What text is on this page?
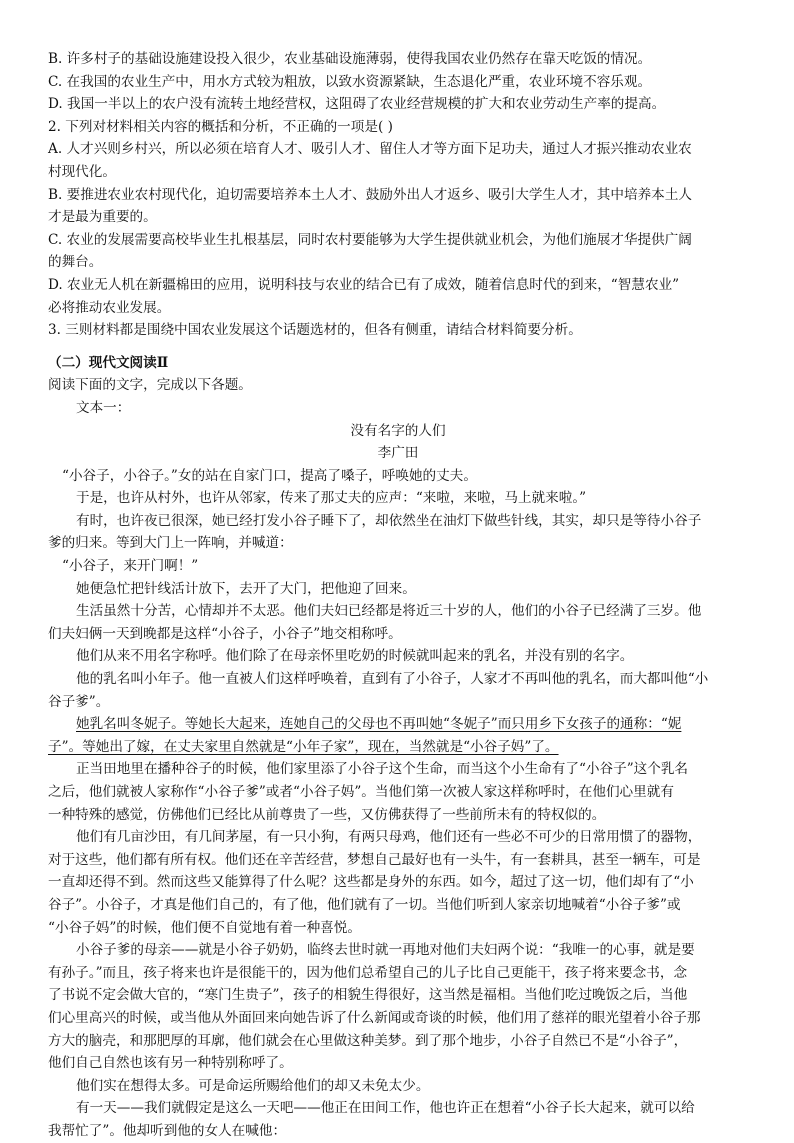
B. 许多村子的基础设施建设投入很少，农业基础设施薄弱，使得我国农业仍然存在靠天吃饭的情况。
C. 在我国的农业生产中，用水方式较为粗放，以致水资源紧缺，生态退化严重，农业环境不容乐观。
D. 我国一半以上的农户没有流转土地经营权，这阻碍了农业经营规模的扩大和农业劳动生产率的提高。
2. 下列对材料相关内容的概括和分析，不正确的一项是( )
A. 人才兴则乡村兴，所以必须在培育人才、吸引人才、留住人才等方面下足功夫，通过人才振兴推动农业农
村现代化。
B. 要推进农业农村现代化，迫切需要培养本土人才、鼓励外出人才返乡、吸引大学生人才，其中培养本土人
才是最为重要的。
C. 农业的发展需要高校毕业生扎根基层，同时农村要能够为大学生提供就业机会，为他们施展才华提供广阔
的舞台。
D. 农业无人机在新疆棉田的应用，说明科技与农业的结合已有了成效，随着信息时代的到来，“智慧农业”
必将推动农业发展。
3. 三则材料都是围绕中国农业发展这个话题选材的，但各有侧重，请结合材料简要分析。
（二）现代文阅读Ⅱ
阅读下面的文字，完成以下各题。
文本一：
没有名字的人们
李广田
“小谷子，小谷子。”女的站在自家门口，提高了嗓子，呼唤她的丈夫。
于是，也许从村外，也许从邻家，传来了那丈夫的应声：“来啦，来啦，马上就来啦。”
有时，也许夜已很深，她已经打发小谷子睡下了，却依然坐在油灯下做些针线，其实，却只是等待小谷子
爹的归来。等到大门上一阵响，并喊道：
“小谷子，来开门啊！”
她便急忙把针线活计放下，去开了大门，把他迎了回来。
生活虽然十分苦，心情却并不太恶。他们夫妇已经都是将近三十岁的人，他们的小谷子已经满了三岁。他
们夫妇俩一天到晚都是这样“小谷子，小谷子”地交相称呼。
他们从来不用名字称呼。他们除了在母亲怀里吃奶的时候就叫起来的乳名，并没有别的名字。
他的乳名叫小年子。他一直被人们这样呼唤着，直到有了小谷子，人家才不再叫他的乳名，而大都叫他“小
谷子爹”。
她乳名叫冬妮子。等她长大起来，连她自己的父母也不再叫她“冬妮子”而只用乡下女孩子的通称：“妮
子”。等她出了嫁，在丈夫家里自然就是“小年子家”，现在，当然就是“小谷子妈”了。
正当田地里在播种谷子的时候，他们家里添了小谷子这个生命，而当这个小生命有了“小谷子”这个乳名
之后，他们就被人家称作“小谷子爹”或者“小谷子妈”。当他们第一次被人家这样称呼时，在他们心里就有
一种特殊的感觉，仿佛他们已经比从前尊贵了一些，又仿佛获得了一些前所未有的特权似的。
他们有几亩沙田，有几间茅屋，有一只小狗，有两只母鸡，他们还有一些必不可少的日常用惯了的器物，
对于这些，他们都有所有权。他们还在辛苦经营，梦想自己最好也有一头牛，有一套耕具，甚至一辆车，可是
一直却还得不到。然而这些又能算得了什么呢？这些都是身外的东西。如今，超过了这一切，他们却有了“小
谷子”。小谷子，才真是他们自己的，有了他，他们就有了一切。当他们听到人家亲切地喊着“小谷子爹”或
“小谷子妈”的时候，他们便不自觉地有着一种喜悦。
小谷子爹的母亲——就是小谷子奶奶，临终去世时就一再地对他们夫妇两个说：“我唯一的心事，就是要
有孙子。”而且，孩子将来也许是很能干的，因为他们总希望自己的儿子比自己更能干，孩子将来要念书，念
了书说不定会做大官的，“寒门生贵子”，孩子的相貌生得很好，这当然是福相。当他们吃过晚饭之后，当他
们心里高兴的时候，或当他从外面回来向她告诉了什么新闻或奇谈的时候，他们用了慈祥的眼光望着小谷子那
方大的脑壳，和那肥厚的耳廓，他们就会在心里做这种美梦。到了那个地步，小谷子自然已不是“小谷子”，
他们自己自然也该有另一种特别称呼了。
他们实在想得太多。可是命运所赐给他们的却又未免太少。
有一天——我们就假定是这么一天吧——他正在田间工作，他也许正在想着“小谷子长大起来，就可以给
我帮忙了”。他却听到他的女人在喊他：
